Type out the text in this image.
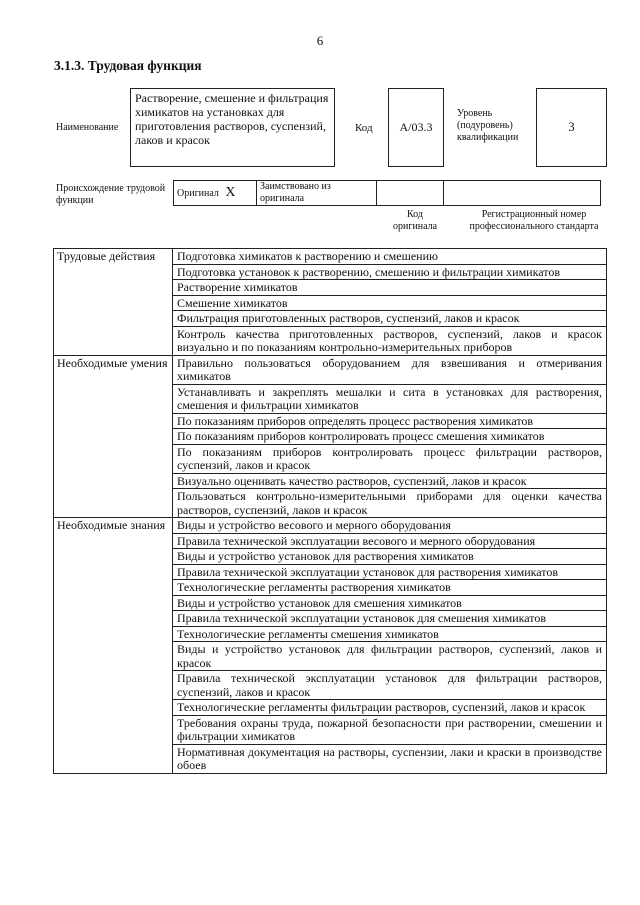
6
3.1.3. Трудовая функция
Наименование
Растворение, смешение и фильтрация химикатов на установках для приготовления растворов, суспензий, лаков и красок
Код	А/03.3
Уровень (подуровень) квалификации
3
Происхождение трудовой функции
Оригинал X	Заимствовано из оригинала		
Код оригинала
Регистрационный номер профессионального стандарта
Трудовые действия	Подготовка химикатов к растворению и смешению
	Подготовка установок к растворению, смешению и фильтрации химикатов
	Растворение химикатов
	Смешение химикатов
	Фильтрация приготовленных растворов, суспензий, лаков и красок
	Контроль качества приготовленных растворов, суспензий, лаков и красок визуально и по показаниям контрольно-измерительных приборов
Необходимые умения	Правильно пользоваться оборудованием для взвешивания и отмеривания химикатов
	Устанавливать и закреплять мешалки и сита в установках для растворения, смешения и фильтрации химикатов
	По показаниям приборов определять процесс растворения химикатов
	По показаниям приборов контролировать процесс смешения химикатов
	По показаниям приборов контролировать процесс фильтрации растворов, суспензий, лаков и красок
	Визуально оценивать качество растворов, суспензий, лаков и красок
	Пользоваться контрольно-измерительными приборами для оценки качества растворов, суспензий, лаков и красок
Необходимые знания	Виды и устройство весового и мерного оборудования
	Правила технической эксплуатации весового и мерного оборудования
	Виды и устройство установок для растворения химикатов
	Правила технической эксплуатации установок для растворения химикатов
	Технологические регламенты растворения химикатов
	Виды и устройство установок для смешения химикатов
	Правила технической эксплуатации установок для смешения химикатов
	Технологические регламенты смешения химикатов
	Виды и устройство установок для фильтрации растворов, суспензий, лаков и красок
	Правила технической эксплуатации установок для фильтрации растворов, суспензий, лаков и красок
	Технологические регламенты фильтрации растворов, суспензий, лаков и красок
	Требования охраны труда, пожарной безопасности при растворении, смешении и фильтрации химикатов
	Нормативная документация на растворы, суспензии, лаки и краски в производстве обоев
